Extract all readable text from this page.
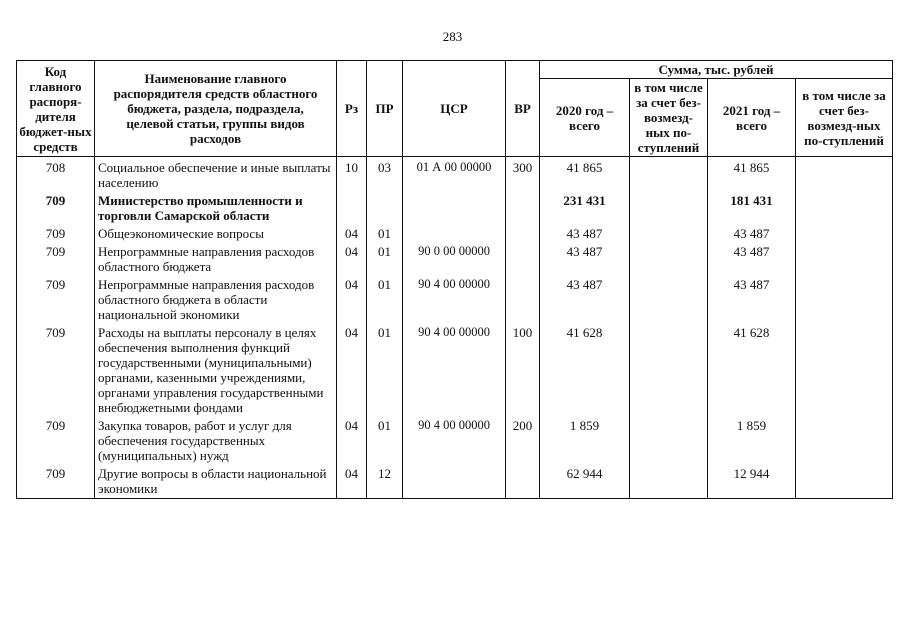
283
Код главного распоря-дителя бюджет-ных средств	Наименование главного распорядителя средств областного бюджета, раздела, подраздела, целевой статьи, группы видов расходов	Рз	ПР	ЦСР	ВР	Сумма, тыс. рублей			
						2020 год – всего	в том числе за счет без-возмезд-ных по-ступлений	2021 год – всего	в том числе за счет без-возмезд-ных по-ступлений
708	Социальное обеспечение и иные выплаты населению	10	03	01 А 00 00000	300	41 865		41 865	
709	Министерство промышленности и торговли Самарской области					231 431		181 431	
709	Общеэкономические вопросы	04	01			43 487		43 487	
709	Непрограммные направления расходов областного бюджета	04	01	90 0 00 00000		43 487		43 487	
709	Непрограммные направления расходов областного бюджета в области национальной экономики	04	01	90 4 00 00000		43 487		43 487	
709	Расходы на выплаты персоналу в целях обеспечения выполнения функций государственными (муниципальными) органами, казенными учреждениями, органами управления государственными внебюджетными фондами	04	01	90 4 00 00000	100	41 628		41 628	
709	Закупка товаров, работ и услуг для обеспечения государственных (муниципальных) нужд	04	01	90 4 00 00000	200	1 859		1 859	
709	Другие вопросы в области национальной экономики	04	12			62 944		12 944	
